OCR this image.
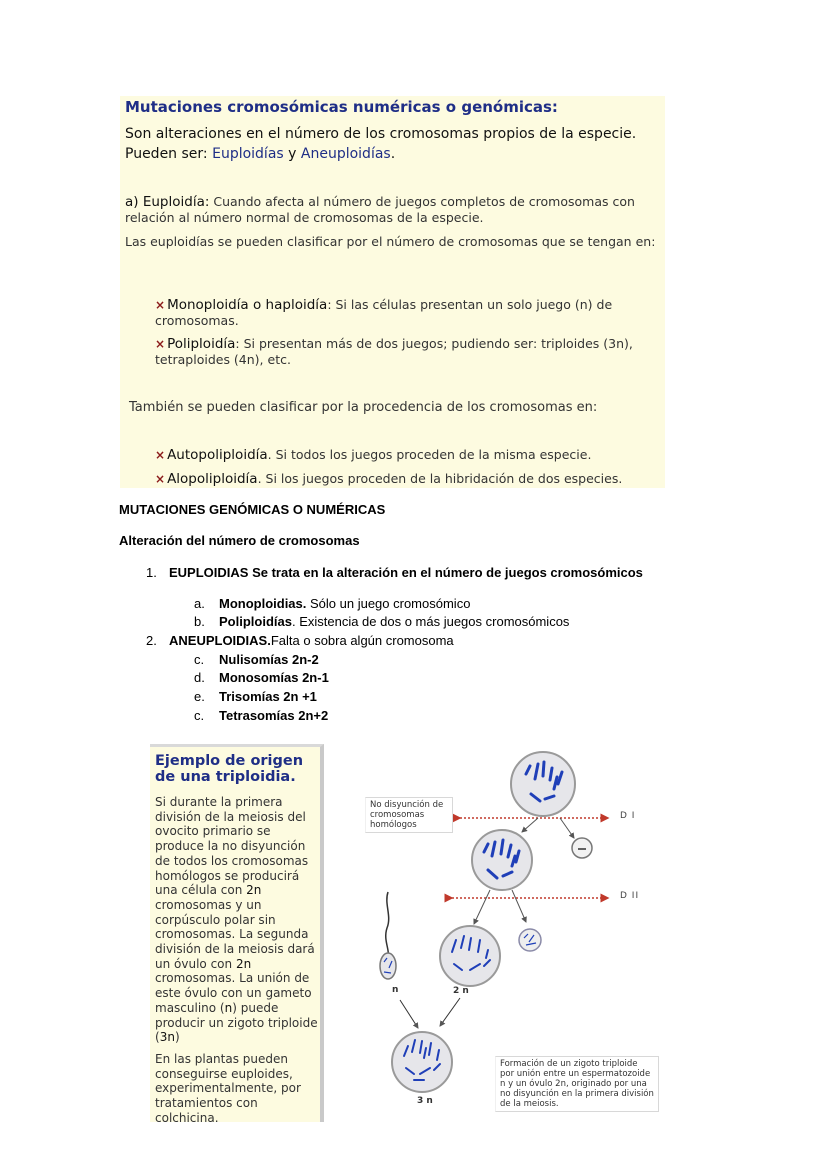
Mutaciones cromosómicas numéricas o genómicas:
Son alteraciones en el número de los cromosomas propios de la especie. Pueden ser: Euploidías y Aneuploidías.
a) Euploidía: Cuando afecta al número de juegos completos de cromosomas con relación al número normal de cromosomas de la especie.
Las euploidías se pueden clasificar por el número de cromosomas que se tengan en:
× Monoploidía o haploidía: Si las células presentan un solo juego (n) de cromosomas.
× Poliploidía: Si presentan más de dos juegos; pudiendo ser: triploides (3n), tetraploides (4n), etc.
También se pueden clasificar por la procedencia de los cromosomas en:
× Autopoliploidía. Si todos los juegos proceden de la misma especie.
× Alopoliploidía. Si los juegos proceden de la hibridación de dos especies.
MUTACIONES GENÓMICAS O NUMÉRICAS
Alteración del número de cromosomas
1. EUPLOIDIAS Se trata en la alteración en el número de juegos cromosómicos
a. Monoploidias. Sólo un juego cromosómico
b. Poliploidías. Existencia de dos o más juegos cromosómicos
2. ANEUPLOIDIAS.Falta o sobra algún cromosoma
c. Nulisomías 2n-2
d. Monosomías 2n-1
e. Trisomías 2n +1
c. Tetrasomías 2n+2
Ejemplo de origen de una triploidia.
Si durante la primera división de la meiosis del ovocito primario se produce la no disyunción de todos los cromosomas homólogos se producirá una célula con 2n cromosomas y un corpúsculo polar sin cromosomas. La segunda división de la meiosis dará un óvulo con 2n cromosomas. La unión de este óvulo con un gameto masculino (n) puede producir un zigoto triploide (3n)
En las plantas pueden conseguirse euploides, experimentalmente, por tratamientos con colchicina.
No disyunción de cromosomas homólogos
D I
D II
n	2 n
3 n
Formación de un zigoto triploide por unión entre un espermatozoide n y un óvulo 2n, originado por una no disyunción en la primera división de la meiosis.
